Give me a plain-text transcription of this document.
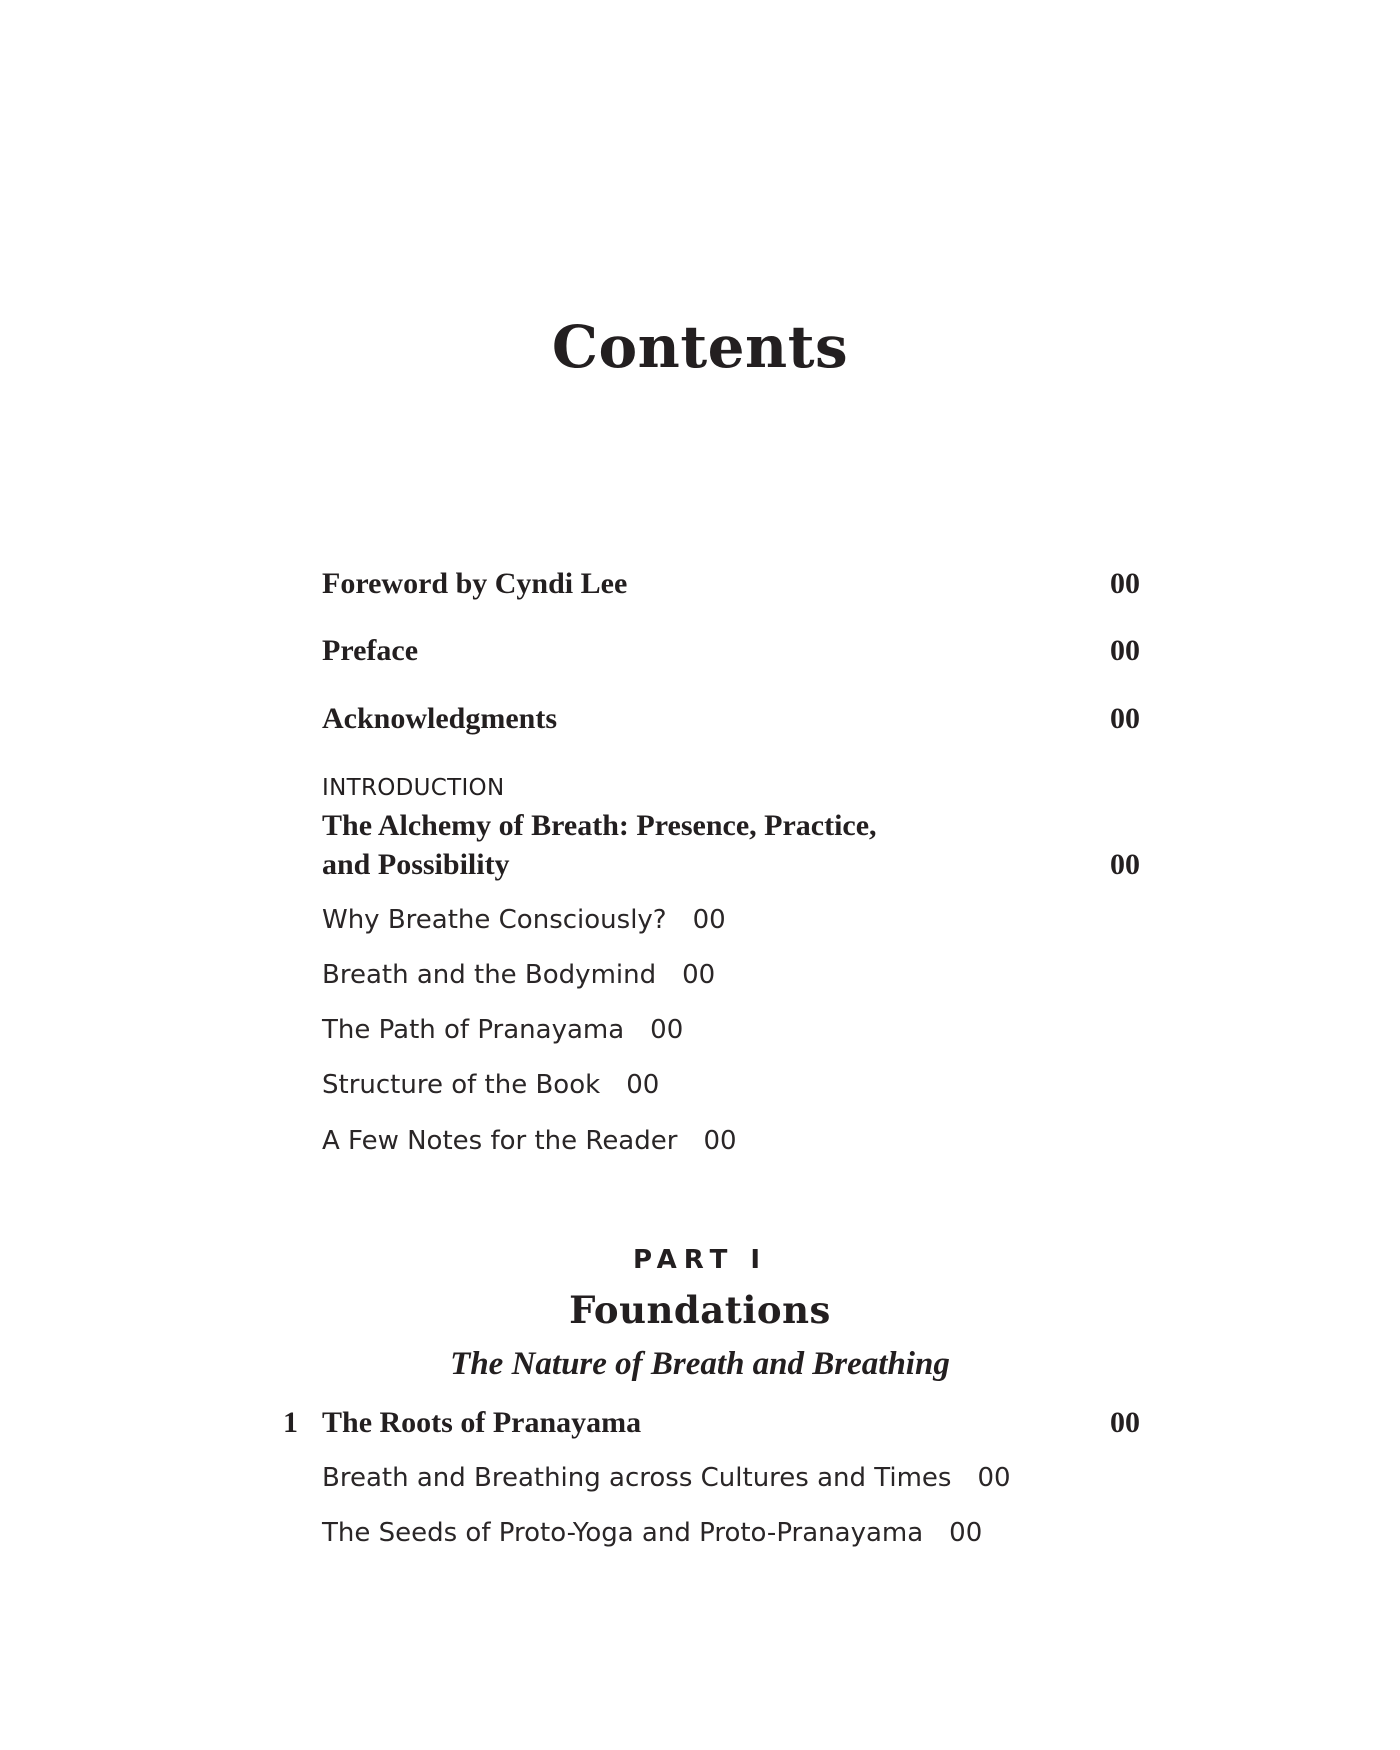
Contents
Foreword by Cyndi Lee	00
Preface	00
Acknowledgments	00
INTRODUCTION
The Alchemy of Breath: Presence, Practice,
and Possibility	00
Why Breathe Consciously? 00
Breath and the Bodymind 00
The Path of Pranayama 00
Structure of the Book 00
A Few Notes for the Reader 00
PART I
Foundations
The Nature of Breath and Breathing
1 The Roots of Pranayama	00
Breath and Breathing across Cultures and Times 00
The Seeds of Proto-Yoga and Proto-Pranayama 00
